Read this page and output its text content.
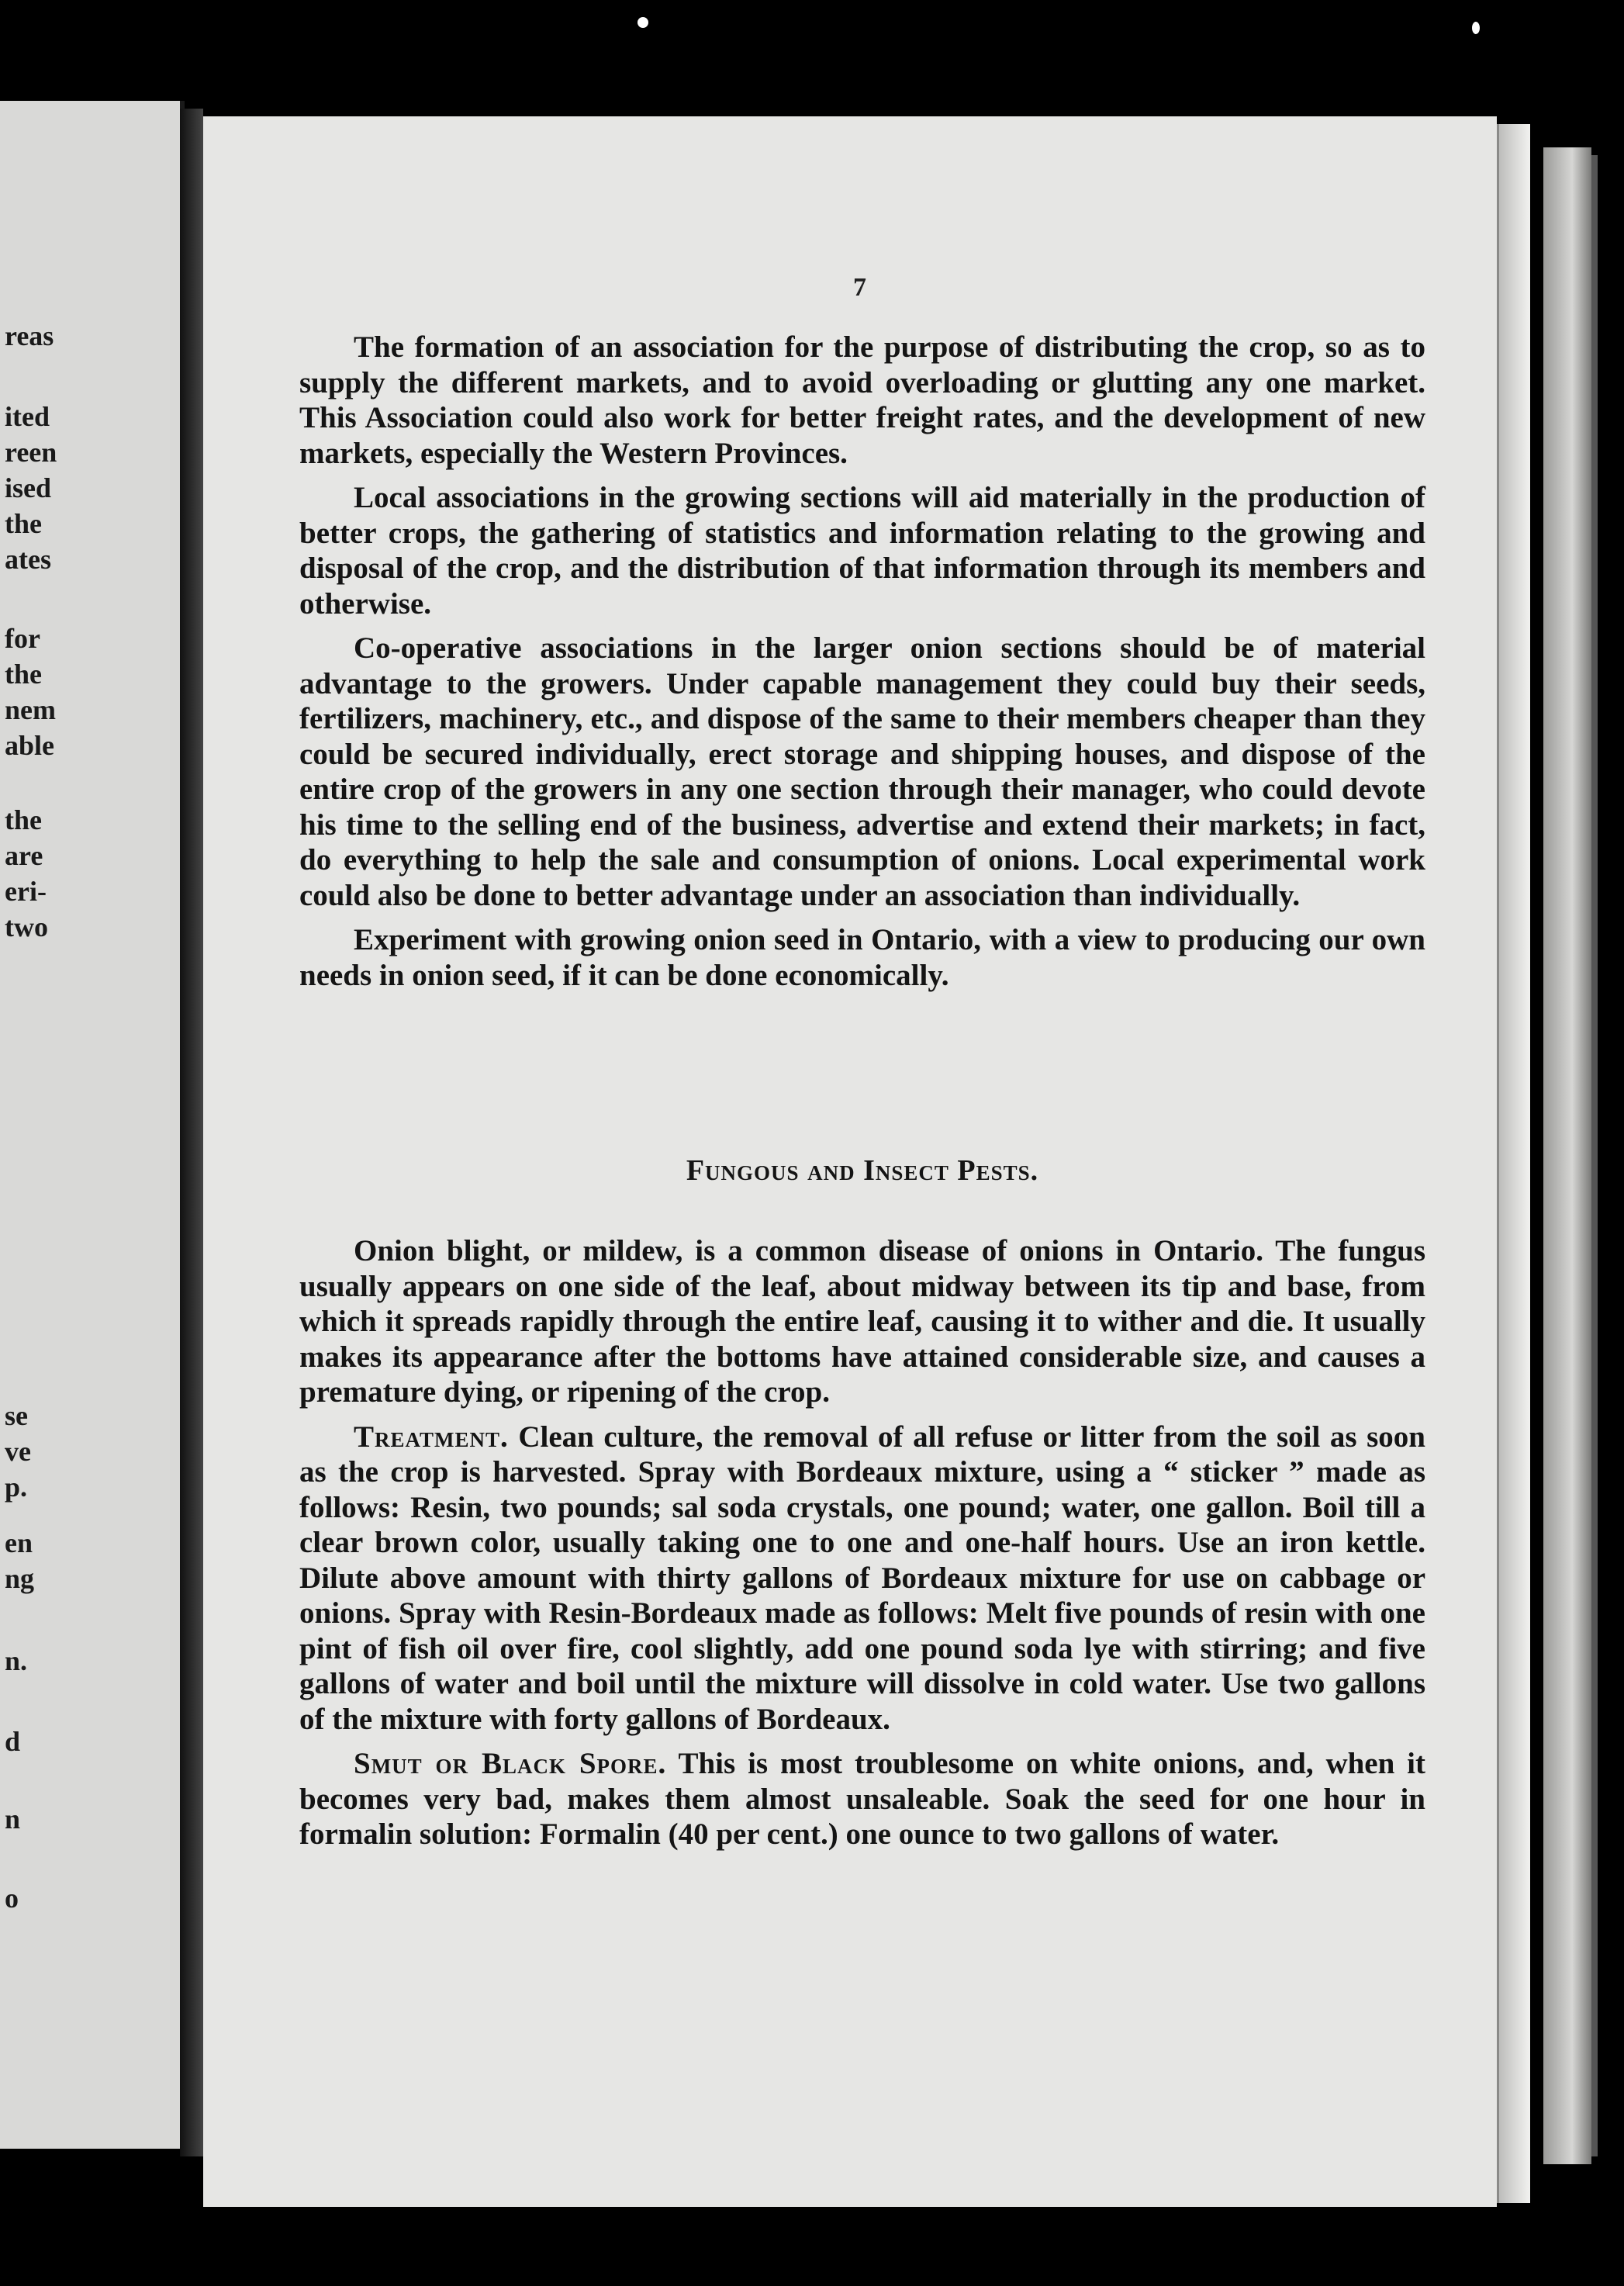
reas
ited
reen
ised
the
ates
for
the
nem
able
the
are
eri-
two
se
ve
p.
en
ng
n.
d
n
o
7

The formation of an association for the purpose of distributing the crop, so as to supply the different markets, and to avoid overloading or glutting any one market. This Association could also work for better freight rates, and the development of new markets, especially the Western Provinces.

Local associations in the growing sections will aid materially in the production of better crops, the gathering of statistics and information relating to the growing and disposal of the crop, and the distribution of that information through its members and otherwise.

Co-operative associations in the larger onion sections should be of material advantage to the growers. Under capable management they could buy their seeds, fertilizers, machinery, etc., and dispose of the same to their members cheaper than they could be secured individually, erect storage and shipping houses, and dispose of the entire crop of the growers in any one section through their manager, who could devote his time to the selling end of the business, advertise and extend their markets; in fact, do everything to help the sale and consumption of onions. Local experimental work could also be done to better advantage under an association than individually.

Experiment with growing onion seed in Ontario, with a view to producing our own needs in onion seed, if it can be done economically.

Fungous and Insect Pests.

Onion blight, or mildew, is a common disease of onions in Ontario. The fungus usually appears on one side of the leaf, about midway between its tip and base, from which it spreads rapidly through the entire leaf, causing it to wither and die. It usually makes its appearance after the bottoms have attained considerable size, and causes a premature dying, or ripening of the crop.

Treatment. Clean culture, the removal of all refuse or litter from the soil as soon as the crop is harvested. Spray with Bordeaux mixture, using a “ sticker ” made as follows: Resin, two pounds; sal soda crystals, one pound; water, one gallon. Boil till a clear brown color, usually taking one to one and one-half hours. Use an iron kettle. Dilute above amount with thirty gallons of Bordeaux mixture for use on cabbage or onions. Spray with Resin-Bordeaux made as follows: Melt five pounds of resin with one pint of fish oil over fire, cool slightly, add one pound soda lye with stirring; and five gallons of water and boil until the mixture will dissolve in cold water. Use two gallons of the mixture with forty gallons of Bordeaux.

Smut or Black Spore. This is most troublesome on white onions, and, when it becomes very bad, makes them almost unsaleable. Soak the seed for one hour in formalin solution: Formalin (40 per cent.) one ounce to two gallons of water.
